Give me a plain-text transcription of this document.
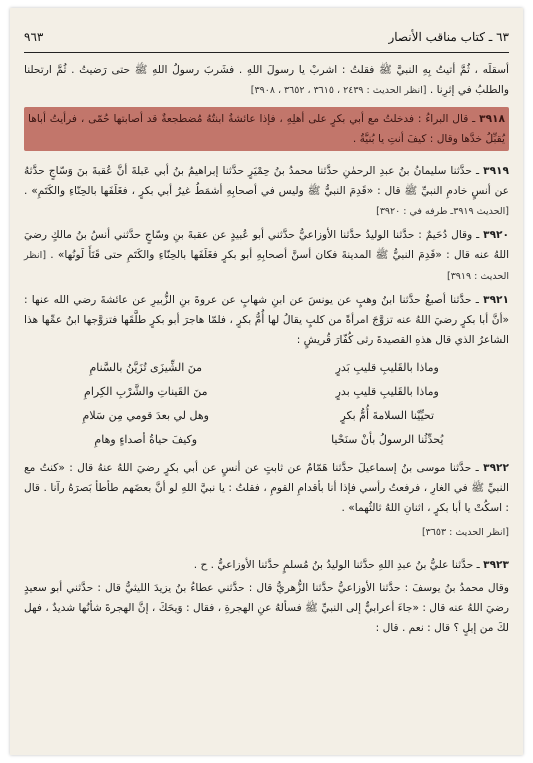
٦٣ ـ كتاب مناقب الأنصار
٩٦٣

أسقلَه ، ثُمَّ أتيتُ بِهِ النبيَّ ﷺ فقلتُ : اشربْ يا رسولَ اللهِ . فشَربَ رسولُ اللهِ ﷺ حتى رَضيتُ . ثُمَّ ارتحلنا والطلبُ في إثرِنا . [انظر الحديث : ٢٤٣٩ ، ٣٦١٥ ، ٣٦٥٢ ، ٣٩٠٨]

٣٩١٨ ـ قال البراءُ : فدخلتُ مع أبي بكرٍ على أهلِهِ ، فإذا عائشةُ ابنتُهُ مُضطجعةٌ قد أصابتها حُمّى ، فرأيتُ أباها يُقبِّلُ خدَّها وقال : كيفَ أنتِ يا بُنيَّةُ .

٣٩١٩ ـ حدَّثنا سليمانُ بنُ عبدِ الرحمٰنِ حدَّثنا محمدُ بنُ حِمْيَرٍ حدَّثنا إبراهيمُ بنُ أبي عَبلةَ أنَّ عُقبةَ بنَ وَسّاجٍ حدَّثهُ عن أنسٍ خادمِ النبيِّ ﷺ قال : «قَدِمَ النبيُّ ﷺ وليس في أصحابِهِ أشمَطُ غيرُ أبي بكرٍ ، فغَلَفَها بالحِنّاءِ والكَتَمِ» . [الحديث ٣٩١٩ـ طرفه في : ٣٩٢٠]

٣٩٢٠ ـ وقال دُحَيمٌ : حدَّثنا الوليدُ حدَّثنا الأوزاعيُّ حدَّثني أبو عُبيدٍ عن عقبةَ بنِ وسّاجٍ حدَّثني أنسُ بنُ مالكٍ رضيَ اللهُ عنه قال : «قَدِمَ النبيُّ ﷺ المدينةَ فكان أسنَّ أصحابِهِ أبو بكرٍ فغَلَفَها بالحِنّاءِ والكَتَمِ حتى قَنَأَ لَونُها» . [انظر الحديث : ٣٩١٩]

٣٩٢١ ـ حدَّثنا أصبغُ حدَّثنا ابنُ وهبٍ عن يونسَ عن ابنِ شهابٍ عن عروةَ بنِ الزُّبيرِ عن عائشةَ رضي الله عنها : «أنَّ أبا بكرٍ رضيَ اللهُ عنه تزوَّجَ امرأةً من كلبٍ يقالُ لها أُمُّ بكرٍ ، فلمّا هاجرَ أبو بكرٍ طلَّقَها فتزوَّجها ابنُ عمِّها هذا الشاعرُ الذي قال هذهِ القصيدةَ رثى كُفّارَ قُريشٍ :

وماذا بالقَليبِ قليبِ بَدرٍ
منَ الشِّيزَى تُزَيَّنُ بالسَّنامِ
وماذا بالقَليبِ قليبِ بدرٍ
منَ القَيناتِ والشَّرْبِ الكِرامِ
تحيِّيْنا السلامةَ أُمُّ بكرٍ
وهل لي بعدَ قومي مِن سَلامِ
يُحدِّثُنا الرسولُ بأنْ سنَحْيا
وكيفَ حياةُ أصداءٍ وهامِ

٣٩٢٢ ـ حدَّثنا موسى بنُ إسماعيلَ حدَّثنا هَمّامٌ عن ثابتٍ عن أنسٍ عن أبي بكرٍ رضيَ اللهُ عنهُ قال : «كنتُ مع النبيِّ ﷺ في الغارِ ، فرفعتُ رأسي فإذا أنا بأقدامِ القومِ ، فقلتُ : يا نبيَّ اللهِ لو أنَّ بعضَهم طأطأ بَصرَهُ رآنا . قال : اسكُتْ يا أبا بكرٍ ، اثنانِ اللهُ ثالثُهما» .

[انظر الحديث : ٣٦٥٣]

٣٩٢٣ ـ حدَّثنا عليُّ بنُ عبدِ اللهِ حدَّثنا الوليدُ بنُ مُسلمٍ حدَّثنا الأوزاعيُّ . ح .

وقال محمدُ بنُ يوسفَ : حدَّثنا الأوزاعيُّ حدَّثنا الزُّهريُّ قال : حدَّثني عطاءُ بنُ يزيدَ الليثيُّ قال : حدَّثني أبو سعيدٍ رضيَ اللهُ عنه قال : «جاءَ أعرابيٌّ إلى النبيِّ ﷺ فسألهُ عنِ الهجرةِ ، فقال : وَيحَكَ ، إنَّ الهجرةَ شأنُها شديدٌ ، فهل لكَ من إبلٍ ؟ قال : نعم . قال :
